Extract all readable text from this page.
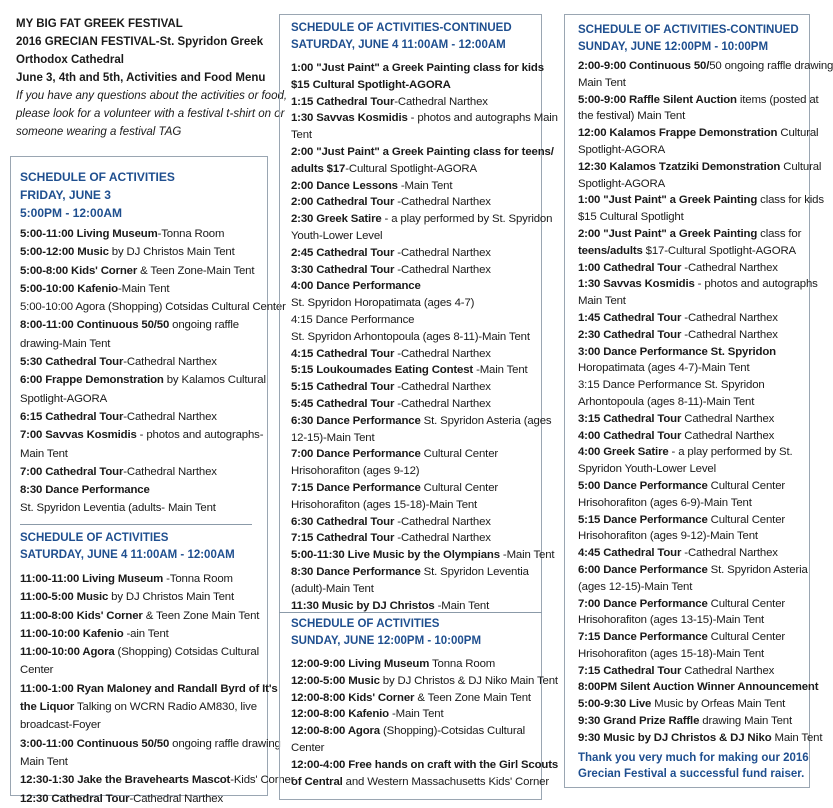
MY BIG FAT GREEK FESTIVAL
2016 GRECIAN FESTIVAL-St. Spyridon Greek
Orthodox Cathedral
June 3, 4th and 5th, Activities and Food Menu
If you have any questions about the activities or food,
please look for a volunteer with a festival t-shirt on or
someone wearing a festival TAG
SCHEDULE OF ACTIVITIES
FRIDAY, JUNE 3
5:00PM - 12:00AM
5:00-11:00 Living Museum-Tonna Room
5:00-12:00 Music by DJ Christos Main Tent
5:00-8:00 Kids' Corner & Teen Zone-Main Tent
5:00-10:00 Kafenio-Main Tent
5:00-10:00 Agora (Shopping) Cotsidas Cultural Center
8:00-11:00 Continuous 50/50 ongoing raffle
drawing-Main Tent
5:30 Cathedral Tour-Cathedral Narthex
6:00 Frappe Demonstration by Kalamos Cultural
Spotlight-AGORA
6:15 Cathedral Tour-Cathedral Narthex
7:00 Savvas Kosmidis - photos and autographs-
Main Tent
7:00 Cathedral Tour-Cathedral Narthex
8:30 Dance Performance
St. Spyridon Leventia (adults- Main Tent
SCHEDULE OF ACTIVITIES
SATURDAY, JUNE 4 11:00AM - 12:00AM
11:00-11:00 Living Museum -Tonna Room
11:00-5:00 Music by DJ Christos Main Tent
11:00-8:00 Kids' Corner & Teen Zone Main Tent
11:00-10:00 Kafenio -ain Tent
11:00-10:00 Agora (Shopping) Cotsidas Cultural
Center
11:00-1:00 Ryan Maloney and Randall Byrd of It's
the Liquor Talking on WCRN Radio AM830, live
broadcast-Foyer
3:00-11:00 Continuous 50/50 ongoing raffle drawing
Main Tent
12:30-1:30 Jake the Bravehearts Mascot-Kids' Corner
12:30 Cathedral Tour-Cathedral Narthex
SCHEDULE OF ACTIVITIES-CONTINUED
SATURDAY, JUNE 4 11:00AM - 12:00AM
1:00 "Just Paint" a Greek Painting class for kids
$15 Cultural Spotlight-AGORA
1:15 Cathedral Tour-Cathedral Narthex
1:30 Savvas Kosmidis - photos and autographs Main
Tent
2:00 "Just Paint" a Greek Painting class for teens/
adults $17-Cultural Spotlight-AGORA
2:00 Dance Lessons -Main Tent
2:00 Cathedral Tour -Cathedral Narthex
2:30 Greek Satire - a play performed by St. Spyridon
Youth-Lower Level
2:45 Cathedral Tour -Cathedral Narthex
3:30 Cathedral Tour -Cathedral Narthex
4:00 Dance Performance
St. Spyridon Horopatimata (ages 4-7)
4:15 Dance Performance
St. Spyridon Arhontopoula (ages 8-11)-Main Tent
4:15 Cathedral Tour -Cathedral Narthex
5:15 Loukoumades Eating Contest -Main Tent
5:15 Cathedral Tour -Cathedral Narthex
5:45 Cathedral Tour -Cathedral Narthex
6:30 Dance Performance St. Spyridon Asteria (ages
12-15)-Main Tent
7:00 Dance Performance Cultural Center
Hrisohorafiton (ages 9-12)
7:15 Dance Performance Cultural Center
Hrisohorafiton (ages 15-18)-Main Tent
6:30 Cathedral Tour -Cathedral Narthex
7:15 Cathedral Tour -Cathedral Narthex
5:00-11:30 Live Music by the Olympians -Main Tent
8:30 Dance Performance St. Spyridon Leventia
(adult)-Main Tent
11:30 Music by DJ Christos -Main Tent
SCHEDULE OF ACTIVITIES
SUNDAY, JUNE 12:00PM - 10:00PM
12:00-9:00 Living Museum Tonna Room
12:00-5:00 Music by DJ Christos & DJ Niko Main Tent
12:00-8:00 Kids' Corner & Teen Zone Main Tent
12:00-8:00 Kafenio -Main Tent
12:00-8:00 Agora (Shopping)-Cotsidas Cultural
Center
12:00-4:00 Free hands on craft with the Girl Scouts
of Central and Western Massachusetts Kids' Corner
SCHEDULE OF ACTIVITIES-CONTINUED
SUNDAY, JUNE 12:00PM - 10:00PM
2:00-9:00 Continuous 50/50 ongoing raffle drawing
Main Tent
5:00-9:00 Raffle Silent Auction items (posted at
the festival) Main Tent
12:00 Kalamos Frappe Demonstration Cultural
Spotlight-AGORA
12:30 Kalamos Tzatziki Demonstration Cultural
Spotlight-AGORA
1:00 "Just Paint" a Greek Painting class for kids
$15 Cultural Spotlight
2:00 "Just Paint" a Greek Painting class for
teens/adults $17-Cultural Spotlight-AGORA
1:00 Cathedral Tour -Cathedral Narthex
1:30 Savvas Kosmidis - photos and autographs
Main Tent
1:45 Cathedral Tour -Cathedral Narthex
2:30 Cathedral Tour -Cathedral Narthex
3:00 Dance Performance St. Spyridon
Horopatimata (ages 4-7)-Main Tent
3:15 Dance Performance St. Spyridon
Arhontopoula (ages 8-11)-Main Tent
3:15 Cathedral Tour Cathedral Narthex
4:00 Cathedral Tour Cathedral Narthex
4:00 Greek Satire - a play performed by St.
Spyridon Youth-Lower Level
5:00 Dance Performance Cultural Center
Hrisohorafiton (ages 6-9)-Main Tent
5:15 Dance Performance Cultural Center
Hrisohorafiton (ages 9-12)-Main Tent
4:45 Cathedral Tour -Cathedral Narthex
6:00 Dance Performance St. Spyridon Asteria
(ages 12-15)-Main Tent
7:00 Dance Performance Cultural Center
Hrisohorafiton (ages 13-15)-Main Tent
7:15 Dance Performance Cultural Center
Hrisohorafiton (ages 15-18)-Main Tent
7:15 Cathedral Tour Cathedral Narthex
8:00PM Silent Auction Winner Announcement
5:00-9:30 Live Music by Orfeas Main Tent
9:30 Grand Prize Raffle drawing Main Tent
9:30 Music by DJ Christos & DJ Niko Main Tent
Thank you very much for making our 2016
Grecian Festival a successful fund raiser.
